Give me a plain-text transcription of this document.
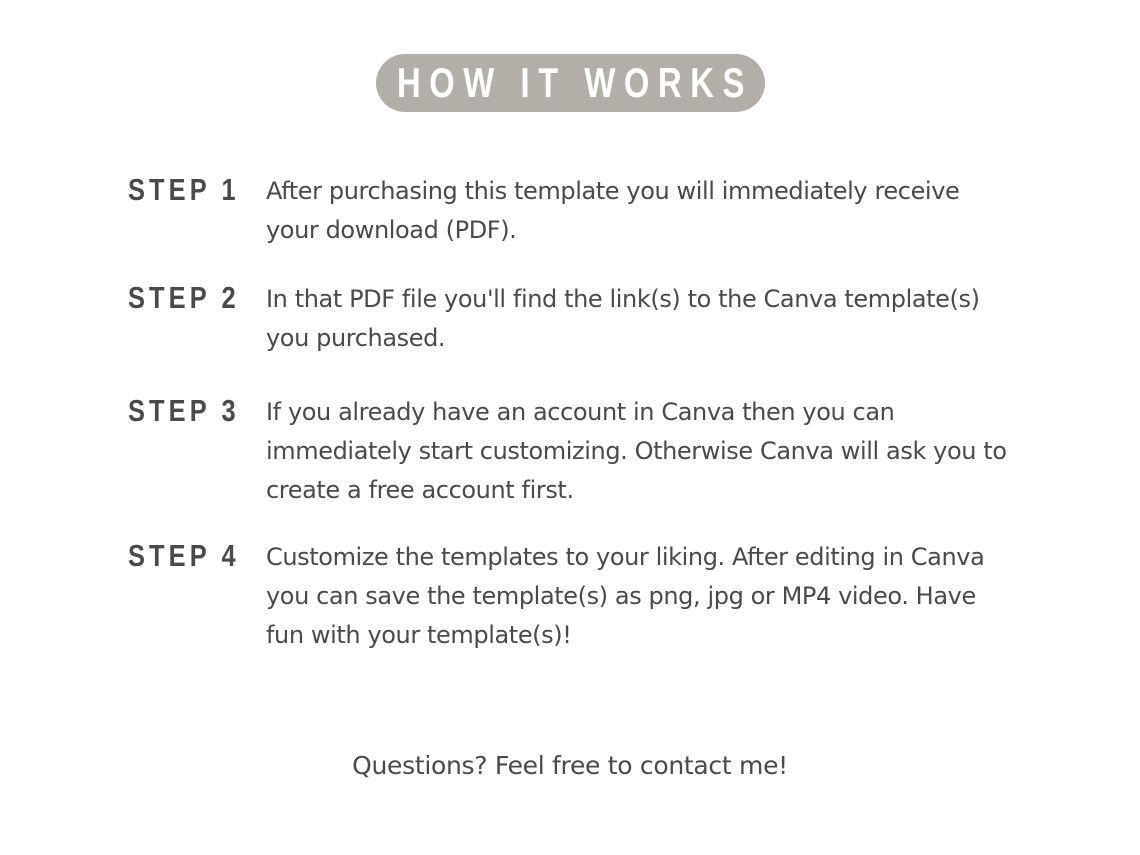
HOW IT WORKS
STEP 1 After purchasing this template you will immediately receive
your download (PDF).
STEP 2 In that PDF file you'll find the link(s) to the Canva template(s)
you purchased.
STEP 3 If you already have an account in Canva then you can
immediately start customizing. Otherwise Canva will ask you to
create a free account first.
STEP 4 Customize the templates to your liking. After editing in Canva
you can save the template(s) as png, jpg or MP4 video. Have
fun with your template(s)!
Questions? Feel free to contact me!
